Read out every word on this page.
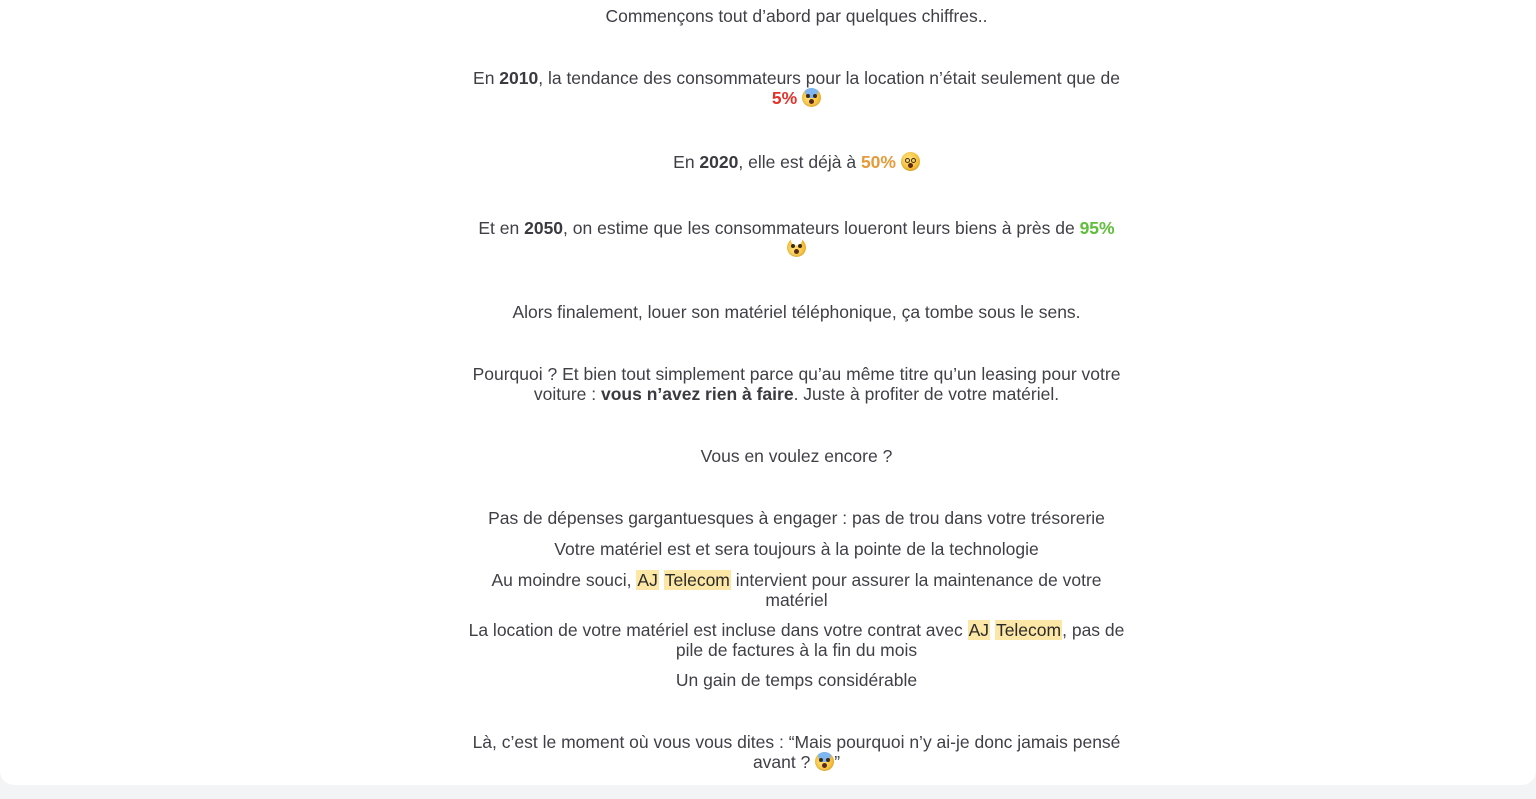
Commençons tout d’abord par quelques chiffres..

En 2010, la tendance des consommateurs pour la location n’était seulement que de 5%

En 2020, elle est déjà à 50%

Et en 2050, on estime que les consommateurs loueront leurs biens à près de 95%

Alors finalement, louer son matériel téléphonique, ça tombe sous le sens.

Pourquoi ? Et bien tout simplement parce qu’au même titre qu’un leasing pour votre voiture : vous n’avez rien à faire. Juste à profiter de votre matériel.

Vous en voulez encore ?

Pas de dépenses gargantuesques à engager : pas de trou dans votre trésorerie

Votre matériel est et sera toujours à la pointe de la technologie

Au moindre souci, AJ Telecom intervient pour assurer la maintenance de votre matériel

La location de votre matériel est incluse dans votre contrat avec AJ Telecom, pas de pile de factures à la fin du mois

Un gain de temps considérable

Là, c’est le moment où vous vous dites : “Mais pourquoi n’y ai-je donc jamais pensé avant ?
”
